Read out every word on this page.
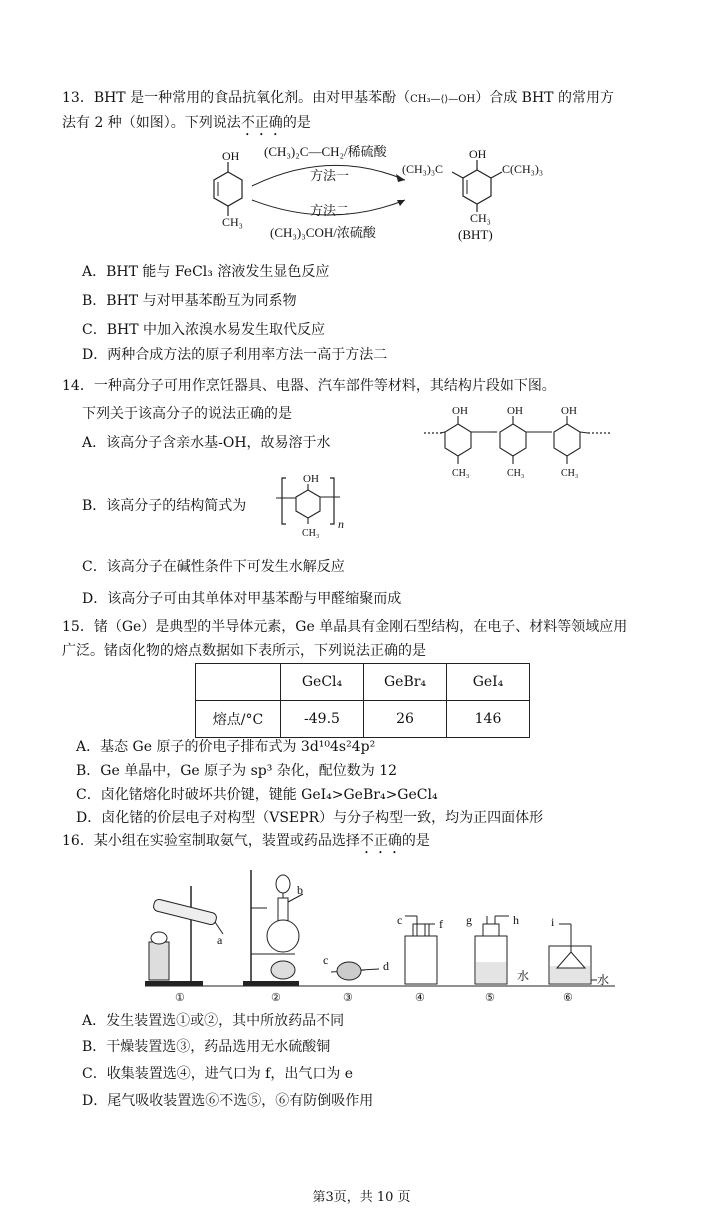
13．BHT 是一种常用的食品抗氧化剂。由对甲基苯酚（CH₃—⟨⟩—OH）合成 BHT 的常用方
法有 2 种（如图）。下列说法不正确的是
OH
CH₃
(CH₃)₂C—CH₂/稀硫酸
方法一
方法二
(CH₃)₃COH/浓硫酸
OH
(CH₃)₃C	C(CH₃)₃
CH₃
(BHT)
A．BHT 能与 FeCl₃ 溶液发生显色反应
B．BHT 与对甲基苯酚互为同系物
C．BHT 中加入浓溴水易发生取代反应
D．两种合成方法的原子利用率方法一高于方法二
14．一种高分子可用作烹饪器具、电器、汽车部件等材料，其结构片段如下图。
下列关于该高分子的说法正确的是	OH
CH₃
OH
CH₃
OH
CH₃
A．该高分子含亲水基-OH，故易溶于水
B．该高分子的结构简式为
OH
CH₃
n
C．该高分子在碱性条件下可发生水解反应
D．该高分子可由其单体对甲基苯酚与甲醛缩聚而成
15．锗（Ge）是典型的半导体元素，Ge 单晶具有金刚石型结构，在电子、材料等领域应用
广泛。锗卤化物的熔点数据如下表所示，下列说法正确的是
	GeCl₄	GeBr₄	GeI₄
熔点/°C	-49.5	26	146
A．基态 Ge 原子的价电子排布式为 3d¹⁰4s²4p²
B．Ge 单晶中，Ge 原子为 sp³ 杂化，配位数为 12
C．卤化锗熔化时破坏共价键，键能 GeI₄>GeBr₄>GeCl₄
D．卤化锗的价层电子对构型（VSEPR）与分子构型一致，均为正四面体形
16．某小组在实验室制取氨气，装置或药品选择不正确的是
a
b
c	d
c	f g	h
水
i
水
①	②	③	④	⑤	⑥
A．发生装置选①或②，其中所放药品不同
B．干燥装置选③，药品选用无水硫酸铜
C．收集装置选④，进气口为 f，出气口为 e
D．尾气吸收装置选⑥不选⑤，⑥有防倒吸作用
第3页，共 10 页
